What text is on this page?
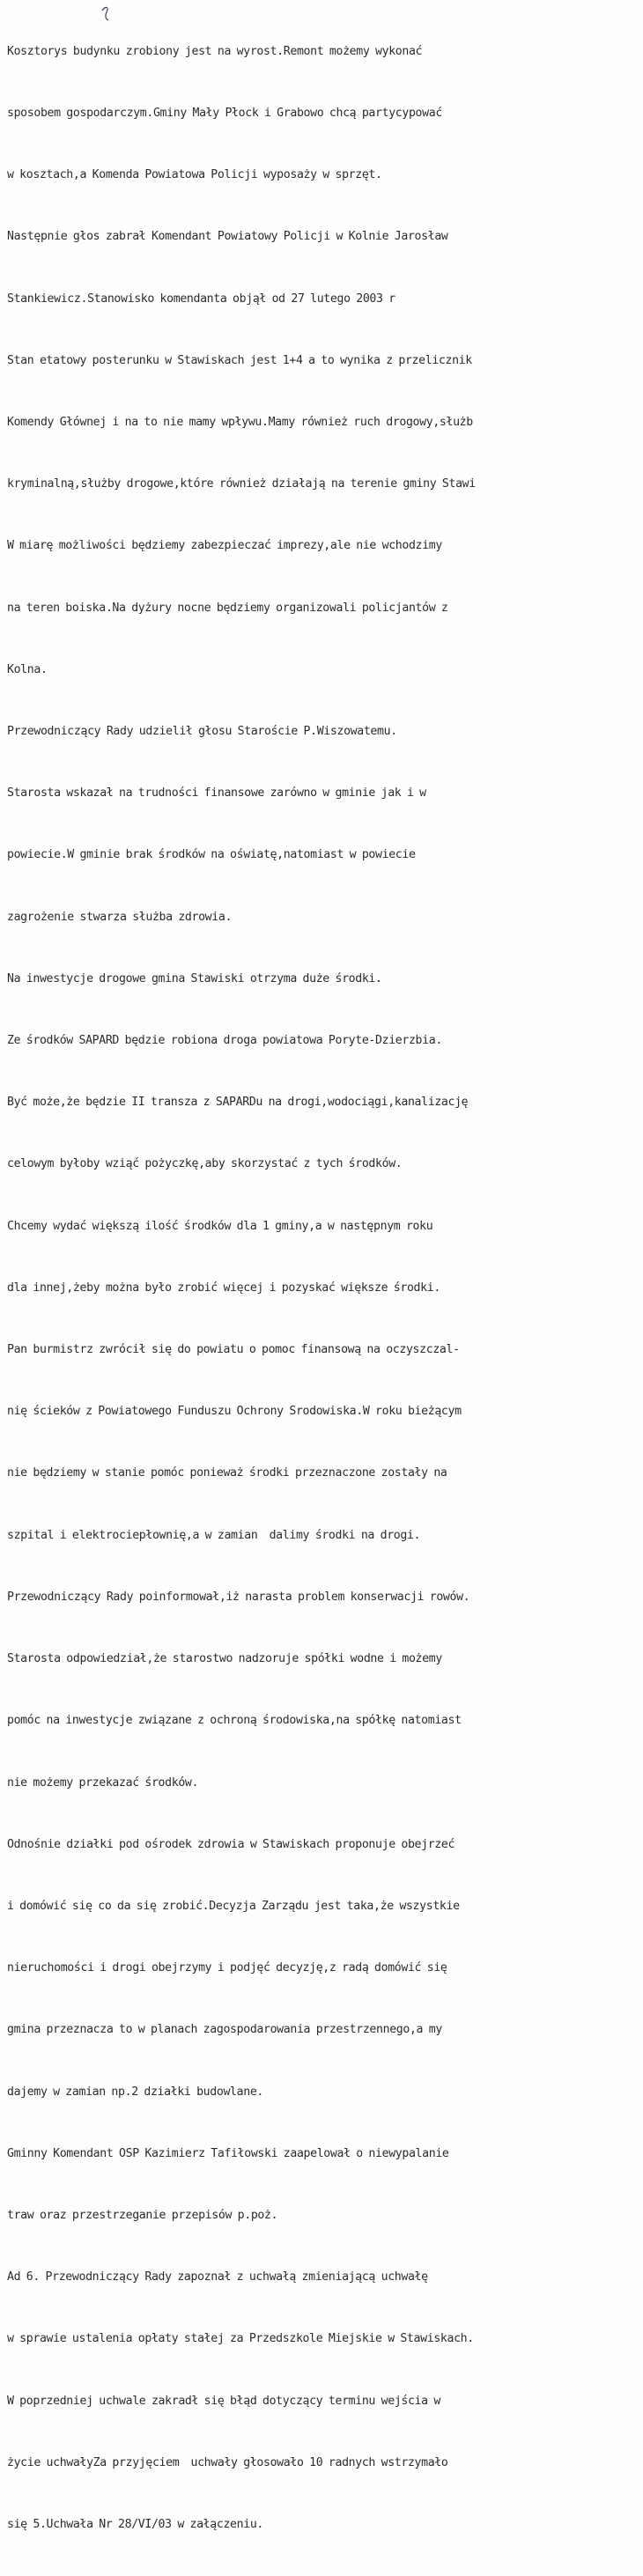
Kosztorys budynku zrobiony jest na wyrost.Remont możemy wykonać

sposobem gospodarczym.Gminy Mały Płock i Grabowo chcą partycypować

w kosztach,a Komenda Powiatowa Policji wyposaży w sprzęt.

Następnie głos zabrał Komendant Powiatowy Policji w Kolnie Jarosław

Stankiewicz.Stanowisko komendanta objął od 27 lutego 2003 r

Stan etatowy posterunku w Stawiskach jest 1+4 a to wynika z przelicznik

Komendy Głównej i na to nie mamy wpływu.Mamy również ruch drogowy,służb

kryminalną,służby drogowe,które również działają na terenie gminy Stawi

W miarę możliwości będziemy zabezpieczać imprezy,ale nie wchodzimy

na teren boiska.Na dyżury nocne będziemy organizowali policjantów z

Kolna.

Przewodniczący Rady udzielił głosu Staroście P.Wiszowatemu.

Starosta wskazał na trudności finansowe zarówno w gminie jak i w

powiecie.W gminie brak środków na oświatę,natomiast w powiecie

zagrożenie stwarza służba zdrowia.

Na inwestycje drogowe gmina Stawiski otrzyma duże środki.

Ze środków SAPARD będzie robiona droga powiatowa Poryte-Dzierzbia.

Być może,że będzie II transza z SAPARDu na drogi,wodociągi,kanalizację

celowym byłoby wziąć pożyczkę,aby skorzystać z tych środków.

Chcemy wydać większą ilość środków dla 1 gminy,a w następnym roku

dla innej,żeby można było zrobić więcej i pozyskać większe środki.

Pan burmistrz zwrócił się do powiatu o pomoc finansową na oczyszczal-

nię ścieków z Powiatowego Funduszu Ochrony Srodowiska.W roku bieżącym

nie będziemy w stanie pomóc ponieważ środki przeznaczone zostały na

szpital i elektrociepłownię,a w zamian  dalimy środki na drogi.

Przewodniczący Rady poinformował,iż narasta problem konserwacji rowów.

Starosta odpowiedział,że starostwo nadzoruje spółki wodne i możemy

pomóc na inwestycje związane z ochroną środowiska,na spółkę natomiast

nie możemy przekazać środków.

Odnośnie działki pod ośrodek zdrowia w Stawiskach proponuje obejrzeć

i domówić się co da się zrobić.Decyzja Zarządu jest taka,że wszystkie

nieruchomości i drogi obejrzymy i podjęć decyzję,z radą domówić się

gmina przeznacza to w planach zagospodarowania przestrzennego,a my

dajemy w zamian np.2 działki budowlane.

Gminny Komendant OSP Kazimierz Tafiłowski zaapelował o niewypalanie

traw oraz przestrzeganie przepisów p.poż.

Ad 6. Przewodniczący Rady zapoznał z uchwałą zmieniającą uchwałę

w sprawie ustalenia opłaty stałej za Przedszkole Miejskie w Stawiskach.

W poprzedniej uchwale zakradł się błąd dotyczący terminu wejścia w

życie uchwałyZa przyjęciem  uchwały głosowało 10 radnych wstrzymało

się 5.Uchwała Nr 28/VI/03 w załączeniu.
